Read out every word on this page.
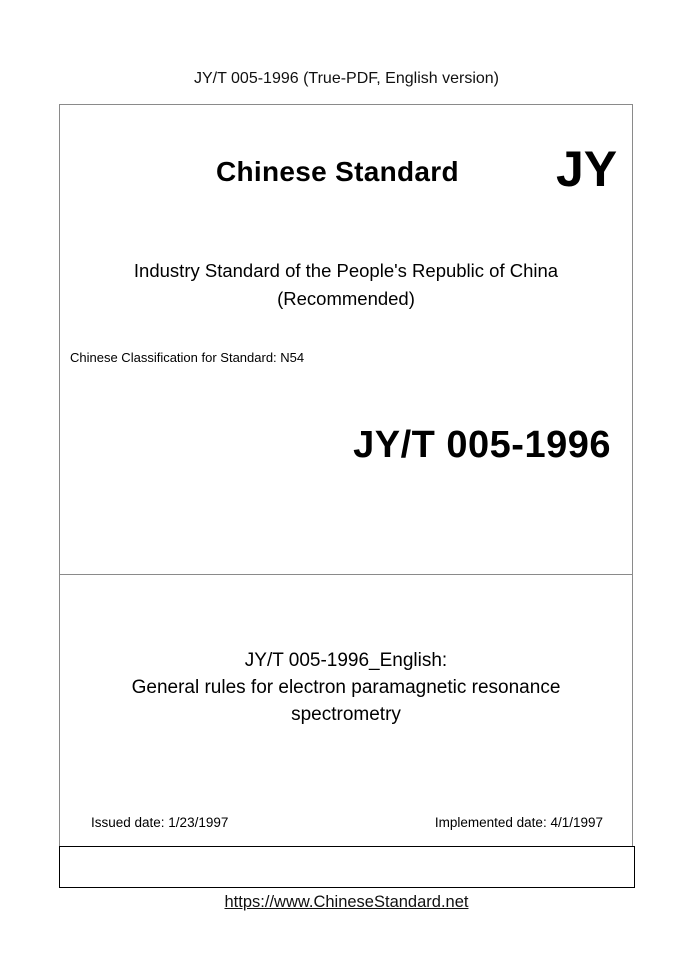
JY/T 005-1996 (True-PDF, English version)
Chinese Standard JY
Industry Standard of the People's Republic of China
(Recommended)
Chinese Classification for Standard: N54
JY/T 005-1996
JY/T 005-1996_English:
General rules for electron paramagnetic resonance
spectrometry
Issued date: 1/23/1997	Implemented date: 4/1/1997
https://www.ChineseStandard.net
